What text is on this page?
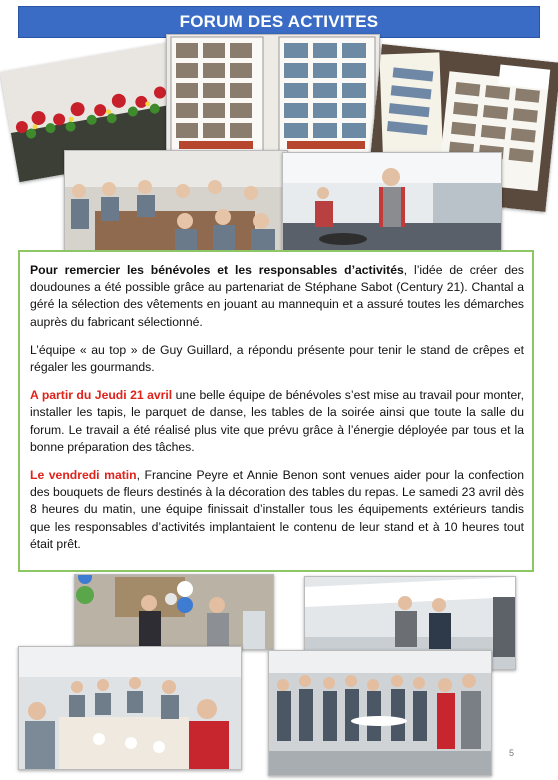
FORUM DES ACTIVITES

Pour remercier les bénévoles et les responsables d’activités, l’idée de créer des doudounes a été possible grâce au partenariat de Stéphane Sabot (Century 21). Chantal a géré la sélection des vêtements en jouant au mannequin et a assuré toutes les démarches auprès du fabricant sélectionné.

L’équipe « au top » de Guy Guillard, a répondu présente pour tenir le stand de crêpes et régaler les gourmands.

A partir du Jeudi 21 avril une belle équipe de bénévoles s’est mise au travail pour monter, installer les tapis, le parquet de danse, les tables de la soirée ainsi que toute la salle du forum. Le travail a été réalisé plus vite que prévu grâce à l’énergie déployée par tous et la bonne préparation des tâches.

Le vendredi matin, Francine Peyre et Annie Benon sont venues aider pour la confection des bouquets de fleurs destinés à la décoration des tables du repas. Le samedi 23 avril dès 8 heures du matin, une équipe finissait d’installer tous les équipements extérieurs tandis que les responsables d’activités implantaient le contenu de leur stand et à 10 heures tout était prêt.

5
